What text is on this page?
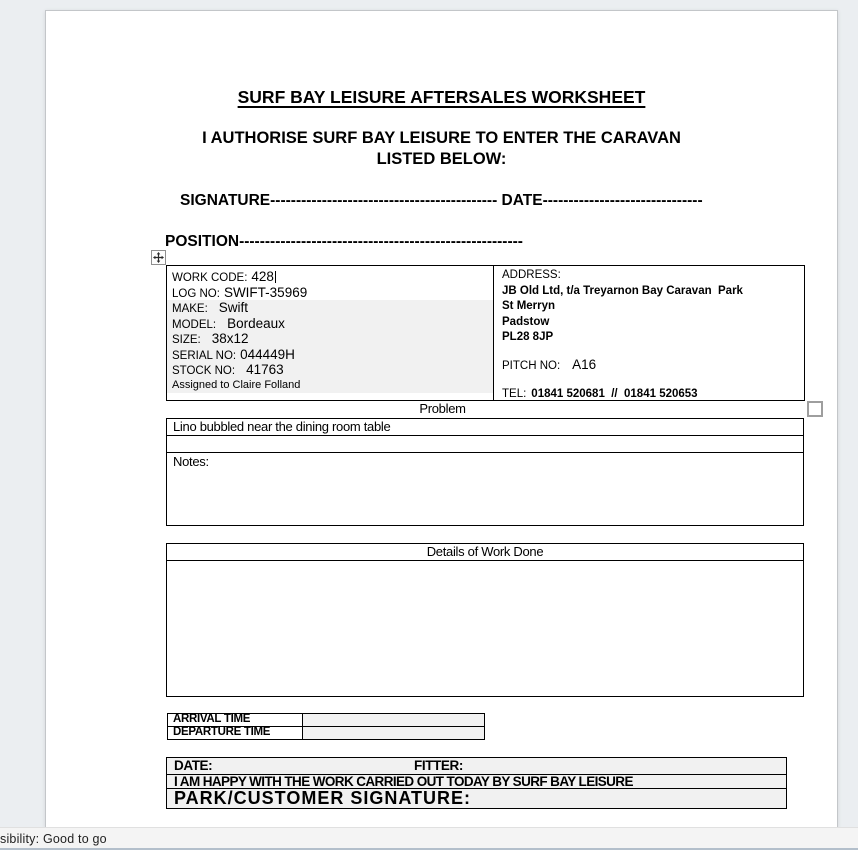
SURF BAY LEISURE AFTERSALES WORKSHEET
I AUTHORISE SURF BAY LEISURE TO ENTER THE CARAVAN
LISTED BELOW:
SIGNATURE-------------------------------------------- DATE-------------------------------
POSITION-------------------------------------------------------
WORK CODE: 428
LOG NO: SWIFT-35969
MAKE: Swift
MODEL: Bordeaux
SIZE: 38x12
SERIAL NO: 044449H
STOCK NO: 41763
Assigned to Claire Folland
ADDRESS:
JB Old Ltd, t/a Treyarnon Bay Caravan  Park
St Merryn
Padstow
PL28 8JP
PITCH NO: A16
TEL: 01841 520681  //  01841 520653
Problem
Lino bubbled near the dining room table
Notes:
Details of Work Done
ARRIVAL TIME
DEPARTURE TIME
DATE:	FITTER:
I AM HAPPY WITH THE WORK CARRIED OUT TODAY BY SURF BAY LEISURE
PARK/CUSTOMER SIGNATURE:
sibility: Good to go
